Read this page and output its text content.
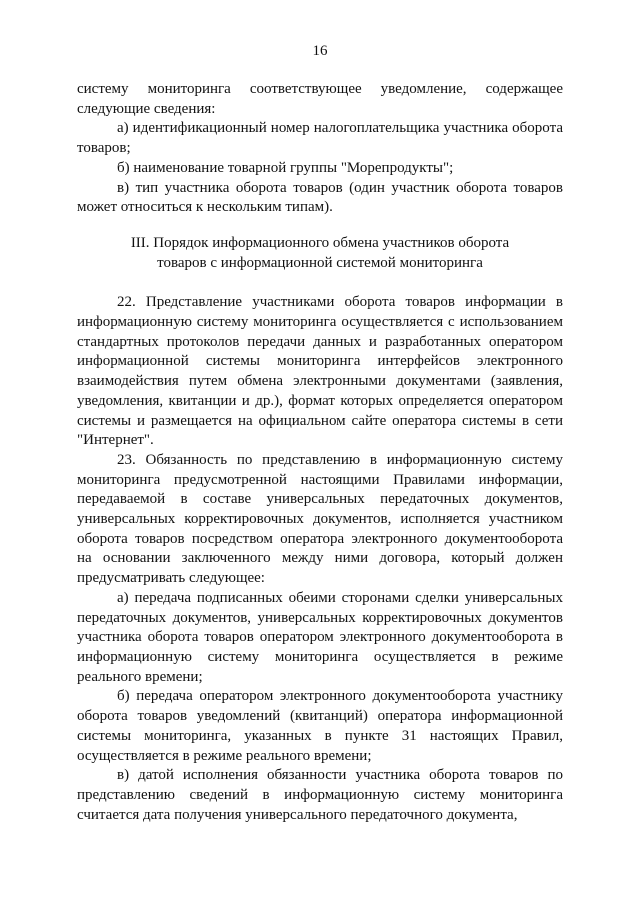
16

систему мониторинга соответствующее уведомление, содержащее следующие сведения:

а) идентификационный номер налогоплательщика участника оборота товаров;

б) наименование товарной группы "Морепродукты";

в) тип участника оборота товаров (один участник оборота товаров может относиться к нескольким типам).

III. Порядок информационного обмена участников оборота
товаров с информационной системой мониторинга

22. Представление участниками оборота товаров информации в информационную систему мониторинга осуществляется с использованием стандартных протоколов передачи данных и разработанных оператором информационной системы мониторинга интерфейсов электронного взаимодействия путем обмена электронными документами (заявления, уведомления, квитанции и др.), формат которых определяется оператором системы и размещается на официальном сайте оператора системы в сети "Интернет".

23. Обязанность по представлению в информационную систему мониторинга предусмотренной настоящими Правилами информации, передаваемой в составе универсальных передаточных документов, универсальных корректировочных документов, исполняется участником оборота товаров посредством оператора электронного документооборота на основании заключенного между ними договора, который должен предусматривать следующее:

а) передача подписанных обеими сторонами сделки универсальных передаточных документов, универсальных корректировочных документов участника оборота товаров оператором электронного документооборота в информационную систему мониторинга осуществляется в режиме реального времени;

б) передача оператором электронного документооборота участнику оборота товаров уведомлений (квитанций) оператора информационной системы мониторинга, указанных в пункте 31 настоящих Правил, осуществляется в режиме реального времени;

в) датой исполнения обязанности участника оборота товаров по представлению сведений в информационную систему мониторинга считается дата получения универсального передаточного документа,
